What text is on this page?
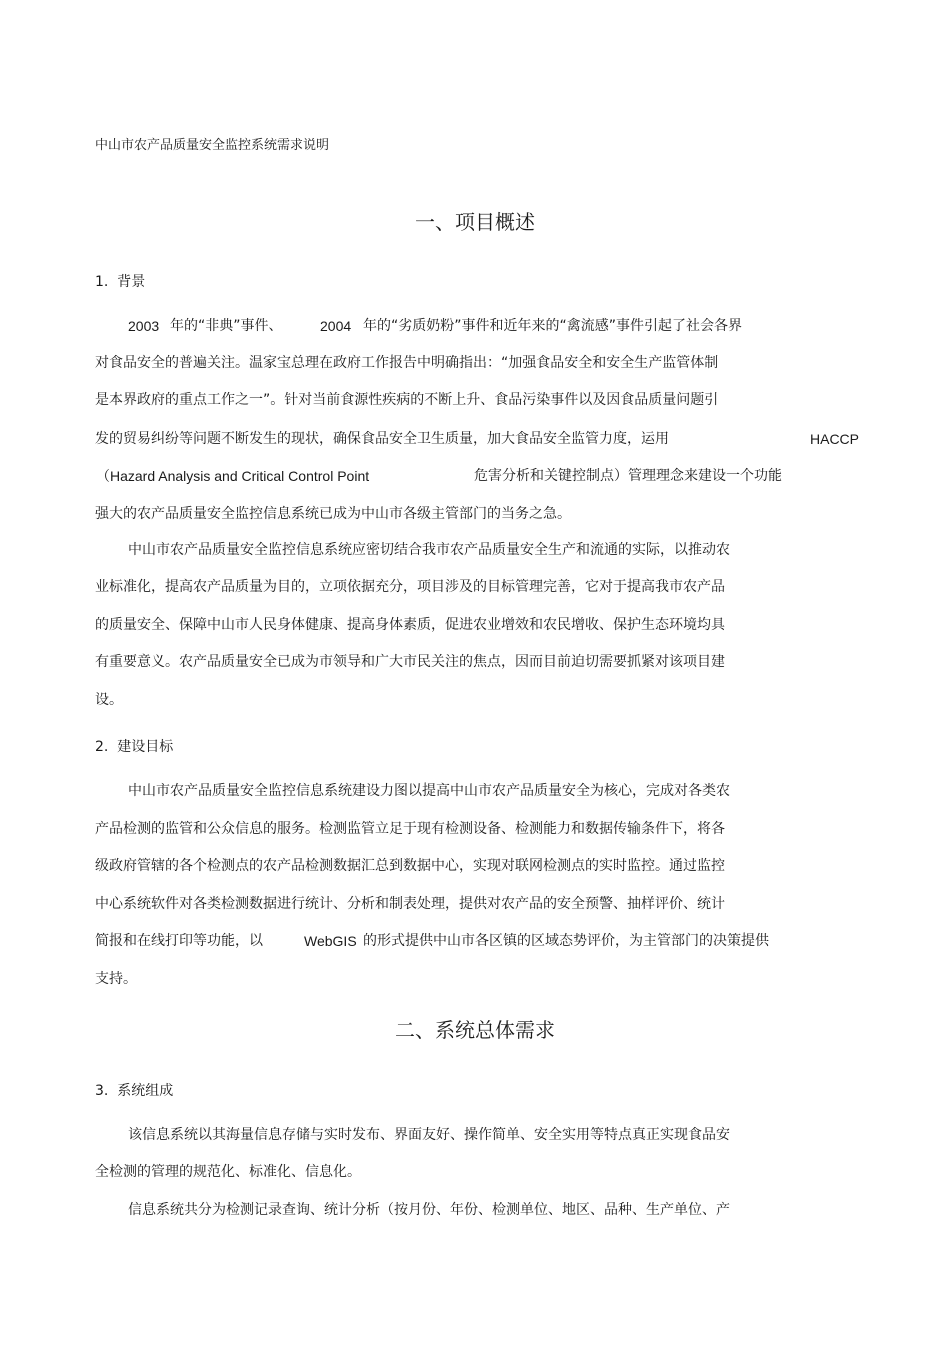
中山市农产品质量安全监控系统需求说明
一、项目概述
1. 背景
2003 年的“非典”事件、	2004 年的“劣质奶粉”事件和近年来的“禽流感”事件引起了社会各界
对食品安全的普遍关注。温家宝总理在政府工作报告中明确指出：“加强食品安全和安全生产监管体制
是本界政府的重点工作之一”。针对当前食源性疾病的不断上升、食品污染事件以及因食品质量问题引
发的贸易纠纷等问题不断发生的现状，确保食品安全卫生质量，加大食品安全监管力度，运用	HACCP
（Hazard Analysis and Critical Control Point	危害分析和关键控制点）管理理念来建设一个功能
强大的农产品质量安全监控信息系统已成为中山市各级主管部门的当务之急。
中山市农产品质量安全监控信息系统应密切结合我市农产品质量安全生产和流通的实际，以推动农
业标准化，提高农产品质量为目的，立项依据充分，项目涉及的目标管理完善，它对于提高我市农产品
的质量安全、保障中山市人民身体健康、提高身体素质，促进农业增效和农民增收、保护生态环境均具
有重要意义。农产品质量安全已成为市领导和广大市民关注的焦点，因而目前迫切需要抓紧对该项目建
设。
2. 建设目标
中山市农产品质量安全监控信息系统建设力图以提高中山市农产品质量安全为核心，完成对各类农
产品检测的监管和公众信息的服务。检测监管立足于现有检测设备、检测能力和数据传输条件下，将各
级政府管辖的各个检测点的农产品检测数据汇总到数据中心，实现对联网检测点的实时监控。通过监控
中心系统软件对各类检测数据进行统计、分析和制表处理，提供对农产品的安全预警、抽样评价、统计
简报和在线打印等功能，以	WebGIS 的形式提供中山市各区镇的区域态势评价，为主管部门的决策提供
支持。
二、系统总体需求
3. 系统组成
该信息系统以其海量信息存储与实时发布、界面友好、操作简单、安全实用等特点真正实现食品安
全检测的管理的规范化、标准化、信息化。
信息系统共分为检测记录查询、统计分析（按月份、年份、检测单位、地区、品种、生产单位、产
